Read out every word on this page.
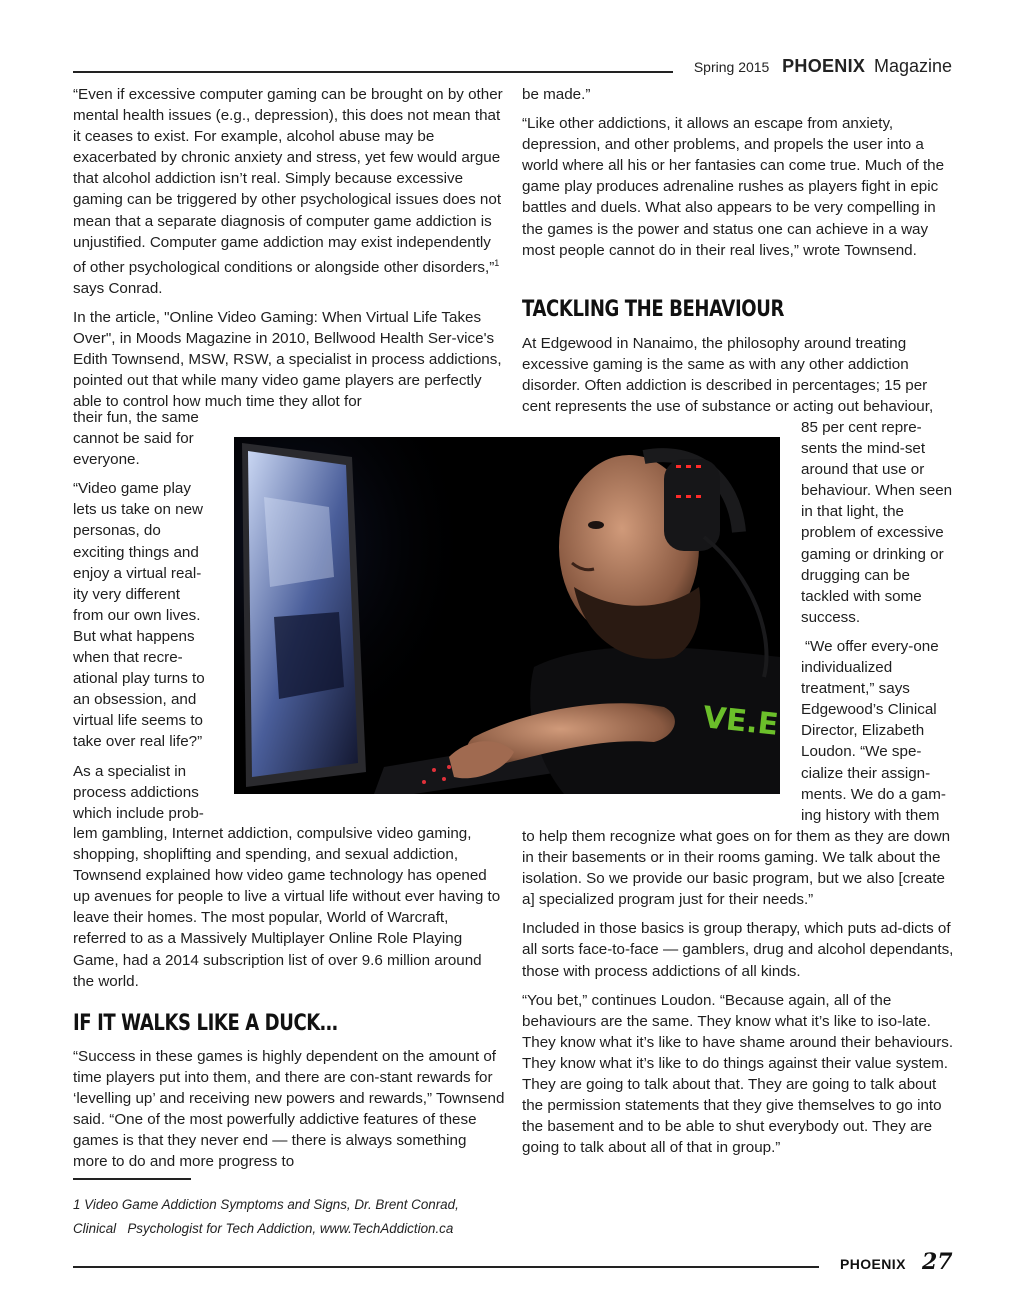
Spring 2015 PHOENIX Magazine

“Even if excessive computer gaming can be brought on by other mental health issues (e.g., depression), this does not mean that it ceases to exist. For example, alcohol abuse may be exacerbated by chronic anxiety and stress, yet few would argue that alcohol addiction isn’t real. Simply because excessive gaming can be triggered by other psychological issues does not mean that a separate diagnosis of computer game addiction is unjustified. Computer game addiction may exist independently of other psychological conditions or alongside other disorders,”$^1$ says Conrad.

In the article, "Online Video Gaming: When Virtual Life Takes Over", in Moods Magazine in 2010, Bellwood Health Ser-vice's Edith Townsend, MSW, RSW, a specialist in process addictions, pointed out that while many video game players are perfectly able to control how much time they allot for

their fun, the same cannot be said for everyone.

“Video game play lets us take on new personas, do exciting things and enjoy a virtual real-ity very different from our own lives. But what happens when that recre-ational play turns to an obsession, and virtual life seems to take over real life?”

As a specialist in process addictions which include prob-

lem gambling, Internet addiction, compulsive video gaming, shopping, shoplifting and spending, and sexual addiction, Townsend explained how video game technology has opened up avenues for people to live a virtual life without ever having to leave their homes. The most popular, World of Warcraft, referred to as a Massively Multiplayer Online Role Playing Game, had a 2014 subscription list of over 9.6 million around the world.

IF IT WALKS LIKE A DUCK…

“Success in these games is highly dependent on the amount of time players put into them, and there are con-stant rewards for ‘levelling up’ and receiving new powers and rewards,” Townsend said. “One of the most powerfully addictive features of these games is that they never end — there is always something more to do and more progress to

be made.”

“Like other addictions, it allows an escape from anxiety, depression, and other problems, and propels the user into a world where all his or her fantasies can come true. Much of the game play produces adrenaline rushes as players fight in epic battles and duels. What also appears to be very compelling in the games is the power and status one can achieve in a way most people cannot do in their real lives,” wrote Townsend.

TACKLING THE BEHAVIOUR

At Edgewood in Nanaimo, the philosophy around treating excessive gaming is the same as with any other addiction disorder. Often addiction is described in percentages; 15 per cent represents the use of substance or acting out behaviour,

85 per cent repre-sents the mind-set around that use or behaviour. When seen in that light, the problem of excessive gaming or drinking or drugging can be tackled with some success.

“We offer every-one individualized treatment,” says Edgewood’s Clinical Director, Elizabeth Loudon. “We spe-cialize their assign-ments. We do a gam-ing history with them

to help them recognize what goes on for them as they are down in their basements or in their rooms gaming. We talk about the isolation. So we provide our basic program, but we also [create a] specialized program just for their needs.”

Included in those basics is group therapy, which puts ad-dicts of all sorts face-to-face — gamblers, drug and alcohol dependants, those with process addictions of all kinds.

“You bet,” continues Loudon. “Because again, all of the behaviours are the same. They know what it’s like to iso-late. They know what it’s like to have shame around their behaviours. They know what it’s like to do things against their value system. They are going to talk about that. They are going to talk about the permission statements that they give themselves to go into the basement and to be able to shut everybody out. They are going to talk about all of that in group.”

VE.E
1 Video Game Addiction Symptoms and Signs, Dr. Brent Conrad,
Clinical   Psychologist for Tech Addiction, www.TechAddiction.ca
PHOENIX 27
